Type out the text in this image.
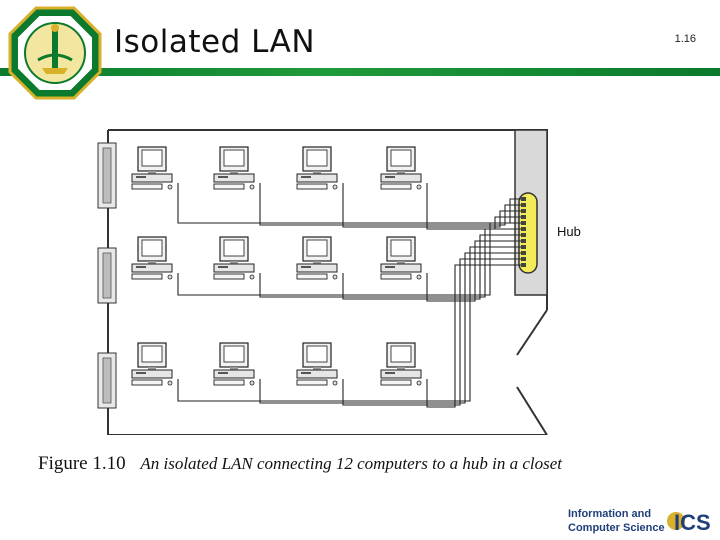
Isolated LAN	1.16
Hub
Figure 1.10 An isolated LAN connecting 12 computers to a hub in a closet
Information and
Computer Science ICS
